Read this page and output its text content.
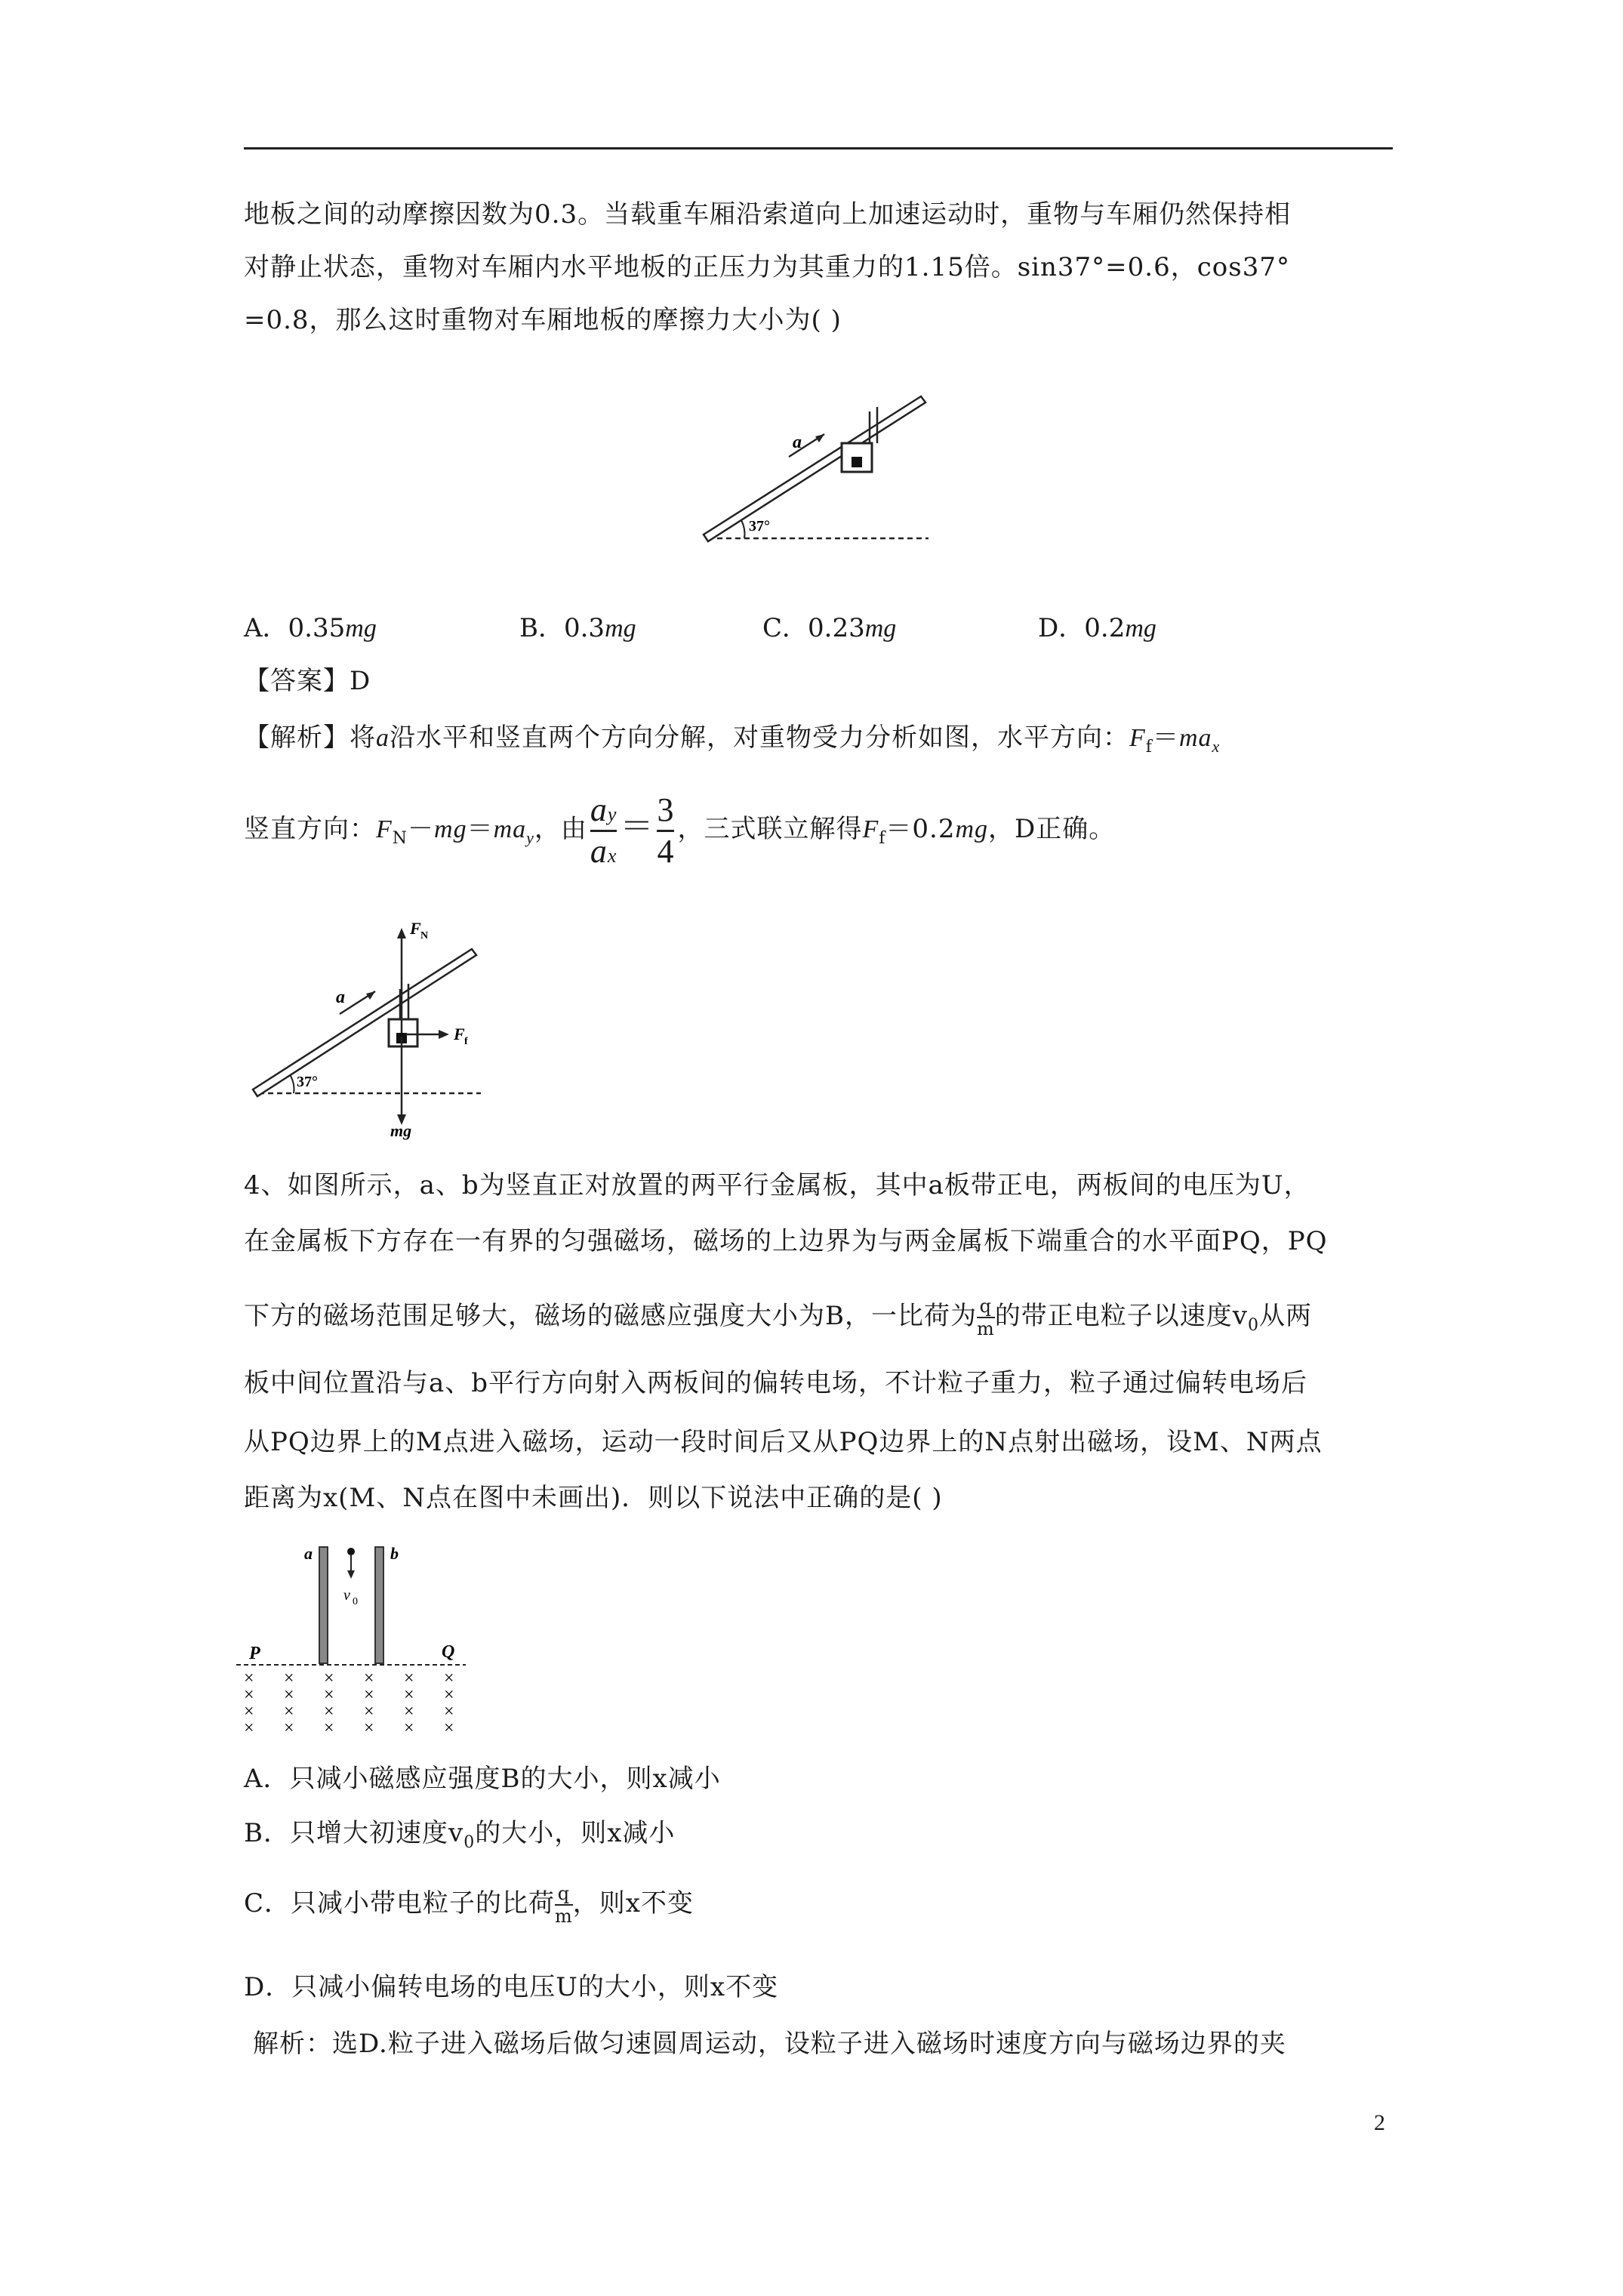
地板之间的动摩擦因数为0.3。当载重车厢沿索道向上加速运动时，重物与车厢仍然保持相
对静止状态，重物对车厢内水平地板的正压力为其重力的1.15倍。sin37°=0.6，cos37°
=0.8，那么这时重物对车厢地板的摩擦力大小为( )
a
37°
A．0.35mg	B．0.3mg	C．0.23mg	D．0.2mg
【答案】D
【解析】将a沿水平和竖直两个方向分解，对重物受力分析如图，水平方向：$F_f=ma_x$
竖直方向：$F_N-mg=ma_y$，由 $\frac{ay}{ax} = \frac{3}{4}$ ，三式联立解得$F_f=0.2mg$，D正确。
a
37°
F N
F f
mg
4、如图所示，a、b为竖直正对放置的两平行金属板，其中a板带正电，两板间的电压为U，
在金属板下方存在一有界的匀强磁场，磁场的上边界为与两金属板下端重合的水平面PQ，PQ
下方的磁场范围足够大，磁场的磁感应强度大小为B，一比荷为 $\frac{q}{m}$ 的带正电粒子以速度$v_0$从两
板中间位置沿与a、b平行方向射入两板间的偏转电场，不计粒子重力，粒子通过偏转电场后
从PQ边界上的M点进入磁场，运动一段时间后又从PQ边界上的N点射出磁场，设M、N两点
距离为x(M、N点在图中未画出)．则以下说法中正确的是( )
a	b
v 0
P	Q
× × × × × ×
× × × × × ×
× × × × × ×
× × × × × ×
A．只减小磁感应强度B的大小，则x减小
B．只增大初速度$v_0$的大小，则x减小
C．只减小带电粒子的比荷 $\frac{q}{m}$ ，则x不变
D．只减小偏转电场的电压U的大小，则x不变
解析：选D.粒子进入磁场后做匀速圆周运动，设粒子进入磁场时速度方向与磁场边界的夹
2
